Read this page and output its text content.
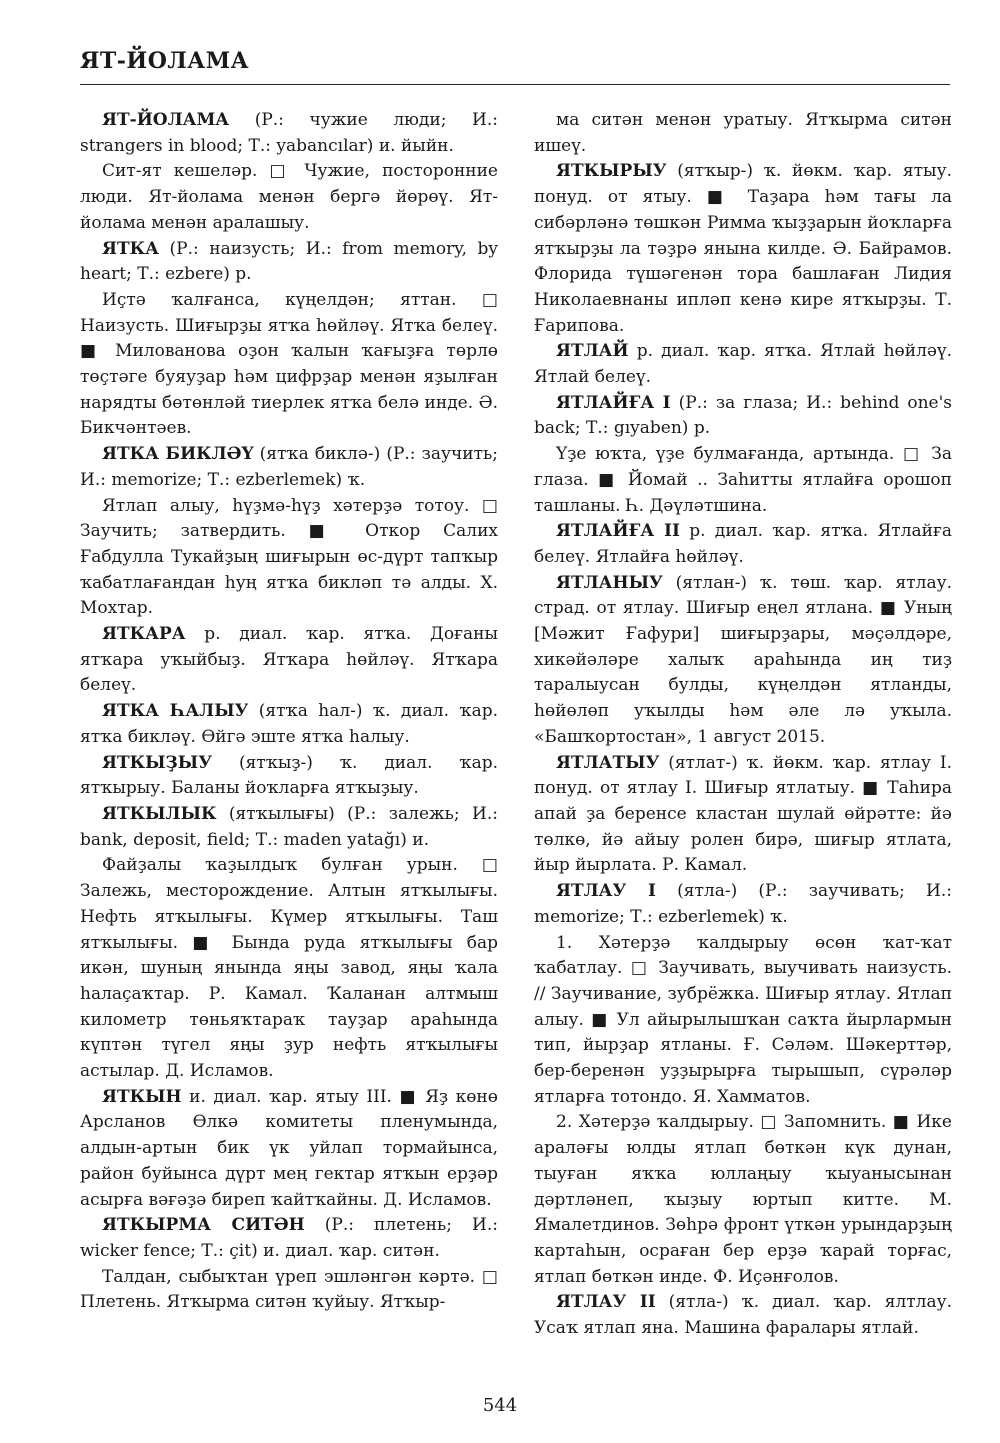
ЯТ-ЙОЛАМА

ЯТ-ЙОЛАМА (Р.: чужие люди; И.: strangers in blood; Т.: yabancılar) и. йыйн.

Сит-ят кешеләр. □ Чужие, посторонние люди. Ят-йолама менән бергә йөрөү. Ят-йолама менән аралашыу.

ЯТКА (Р.: наизусть; И.: from memory, by heart; Т.: ezbere) р.

Иҫтә ҡалғанса, күңелдән; яттан. □ Наизусть. Шиғырҙы ятҡа һөйләү. Ятҡа белеү. ■ Милованова оҙон ҡалын ҡағыҙға төрлө төҫтәге буяуҙар һәм цифрҙар менән яҙылған нарядты бөтөнләй тиерлек ятҡа белә инде. Ә. Бикчәнтәев.

ЯТКА БИКЛӘҮ (ятҡа биклә-) (Р.: заучить; И.: memorize; Т.: ezberlemek) ҡ.

Ятлап алыу, һүҙмә-һүҙ хәтерҙә тотоу. □ Заучить; затвердить. ■ Откор Салих Ғабдулла Тукайҙың шиғырын өс-дүрт тапҡыр ҡабатлағандан һуң ятҡа биклəп тә алды. Х. Мохтар.

ЯТКАРА р. диал. ҡар. ятҡа. Доғаны ятҡара уҡыйбыҙ. Ятҡара һөйләү. Ятҡара белеү.

ЯТКА ҺАЛЫУ (ятҡа һал-) ҡ. диал. ҡар. ятҡа бикләү. Өйгә эште ятҡа һалыу.

ЯТКЫҘЫУ (ятҡыҙ-) ҡ. диал. ҡар. ятҡырыу. Баланы йоҡларға ятҡыҙыу.

ЯТКЫЛЫК (ятҡылығы) (Р.: залежь; И.: bank, deposit, field; Т.: maden yatağı) и.

Файҙалы ҡаҙылдыҡ булған урын. □ Залежь, месторождение. Алтын ятҡылығы. Нефть ятҡылығы. Күмер ятҡылығы. Таш ятҡылығы. ■ Бында руда ятҡылығы бар икән, шуның янында яңы завод, яңы ҡала һалаҫаҡтар. Р. Камал. Ҡаланан алтмыш километр төньяҡтараҡ тауҙар араһында күптән түгел яңы ҙур нефть ятҡылығы астылар. Д. Исламов.

ЯТКЫН и. диал. ҡар. ятыу III. ■ Яҙ көнө Арсланов Өлкә комитеты пленумында, алдын-артын бик үк уйлап тормайынса, район буйынса дүрт мең гектар ятҡын ерҙәр асырға вәғәҙә биреп ҡайтҡайны. Д. Исламов.

ЯТКЫРМА СИТӘН (Р.: плетень; И.: wicker fence; Т.: çit) и. диал. ҡар. ситән.

Талдан, сыбыҡтан үреп эшләнгән кәртә. □ Плетень. Ятҡырма ситән ҡуйыу. Ятҡыр-

ма ситән менән уратыу. Ятҡырма ситән ишеү.

ЯТКЫРЫУ (ятҡыр-) ҡ. йөкм. ҡар. ятыу. понуд. от ятыу. ■ Таҙара һәм тағы ла сибәрләнә төшкән Римма ҡыҙҙарын йоҡларға ятҡырҙы ла тәҙрә янына килде. Ә. Байрамов. Флорида түшәгенән тора башлаған Лидия Николаевнаны иплəп кенә кире ятҡырҙы. Т. Ғарипова.

ЯТЛАЙ р. диал. ҡар. ятҡа. Ятлай һөйләү. Ятлай белеү.

ЯТЛАЙҒА I (Р.: за глаза; И.: behind one's back; Т.: gıyaben) р.

Үҙе юҡта, үҙе булмағанда, артында. □ За глаза. ■ Йомай .. Заһитты ятлайға орошоп ташланы. Һ. Дәүләтшина.

ЯТЛАЙҒА II р. диал. ҡар. ятҡа. Ятлайға белеү. Ятлайға һөйләү.

ЯТЛАНЫУ (ятлан-) ҡ. төш. ҡар. ятлау. страд. от ятлау. Шиғыр еңел ятлана. ■ Уның [Мәжит Ғафури] шиғырҙары, мәҫәлдәре, хикәйәләре халыҡ араһында иң тиҙ таралыусан булды, күңелдән ятланды, һөйөлөп уҡылды һәм әле лә уҡыла. «Башҡортостан», 1 август 2015.

ЯТЛАТЫУ (ятлат-) ҡ. йөкм. ҡар. ятлау I. понуд. от ятлау I. Шиғыр ятлатыу. ■ Таһира апай ҙа беренсе кластан шулай өйрәтте: йә төлкө, йә айыу ролен бирә, шиғыр ятлата, йыр йырлата. Р. Камал.

ЯТЛАУ I (ятла-) (Р.: заучивать; И.: memorize; Т.: ezberlemek) ҡ.

1. Хәтерҙә ҡалдырыу өсөн ҡат-ҡат ҡабатлау. □ Заучивать, выучивать наизусть. // Заучивание, зубрёжка. Шиғыр ятлау. Ятлап алыу. ■ Ул айырылышҡан саҡта йырлармын тип, йырҙар ятланы. Ғ. Сәләм. Шәкерттәр, бер-беренән уҙҙырырға тырышып, сүрәләр ятларға тотондо. Я. Хамматов.

2. Хәтерҙә ҡалдырыу. □ Запомнить. ■ Ике араләғы юлды ятлап бөткән күк дунан, тыуған яҡҡа юллаңыу ҡыуанысынан дәртләнеп, ҡыҙыу юртып китте. М. Ямалетдинов. Зөһрә фронт үткән урындарҙың картаһын, осраған бер ерҙә ҡарай торғас, ятлап бөткән инде. Ф. Иҫәнғолов.

ЯТЛАУ II (ятла-) ҡ. диал. ҡар. ялтлау. Усаҡ ятлап яна. Машина фаралары ятлай.

544
